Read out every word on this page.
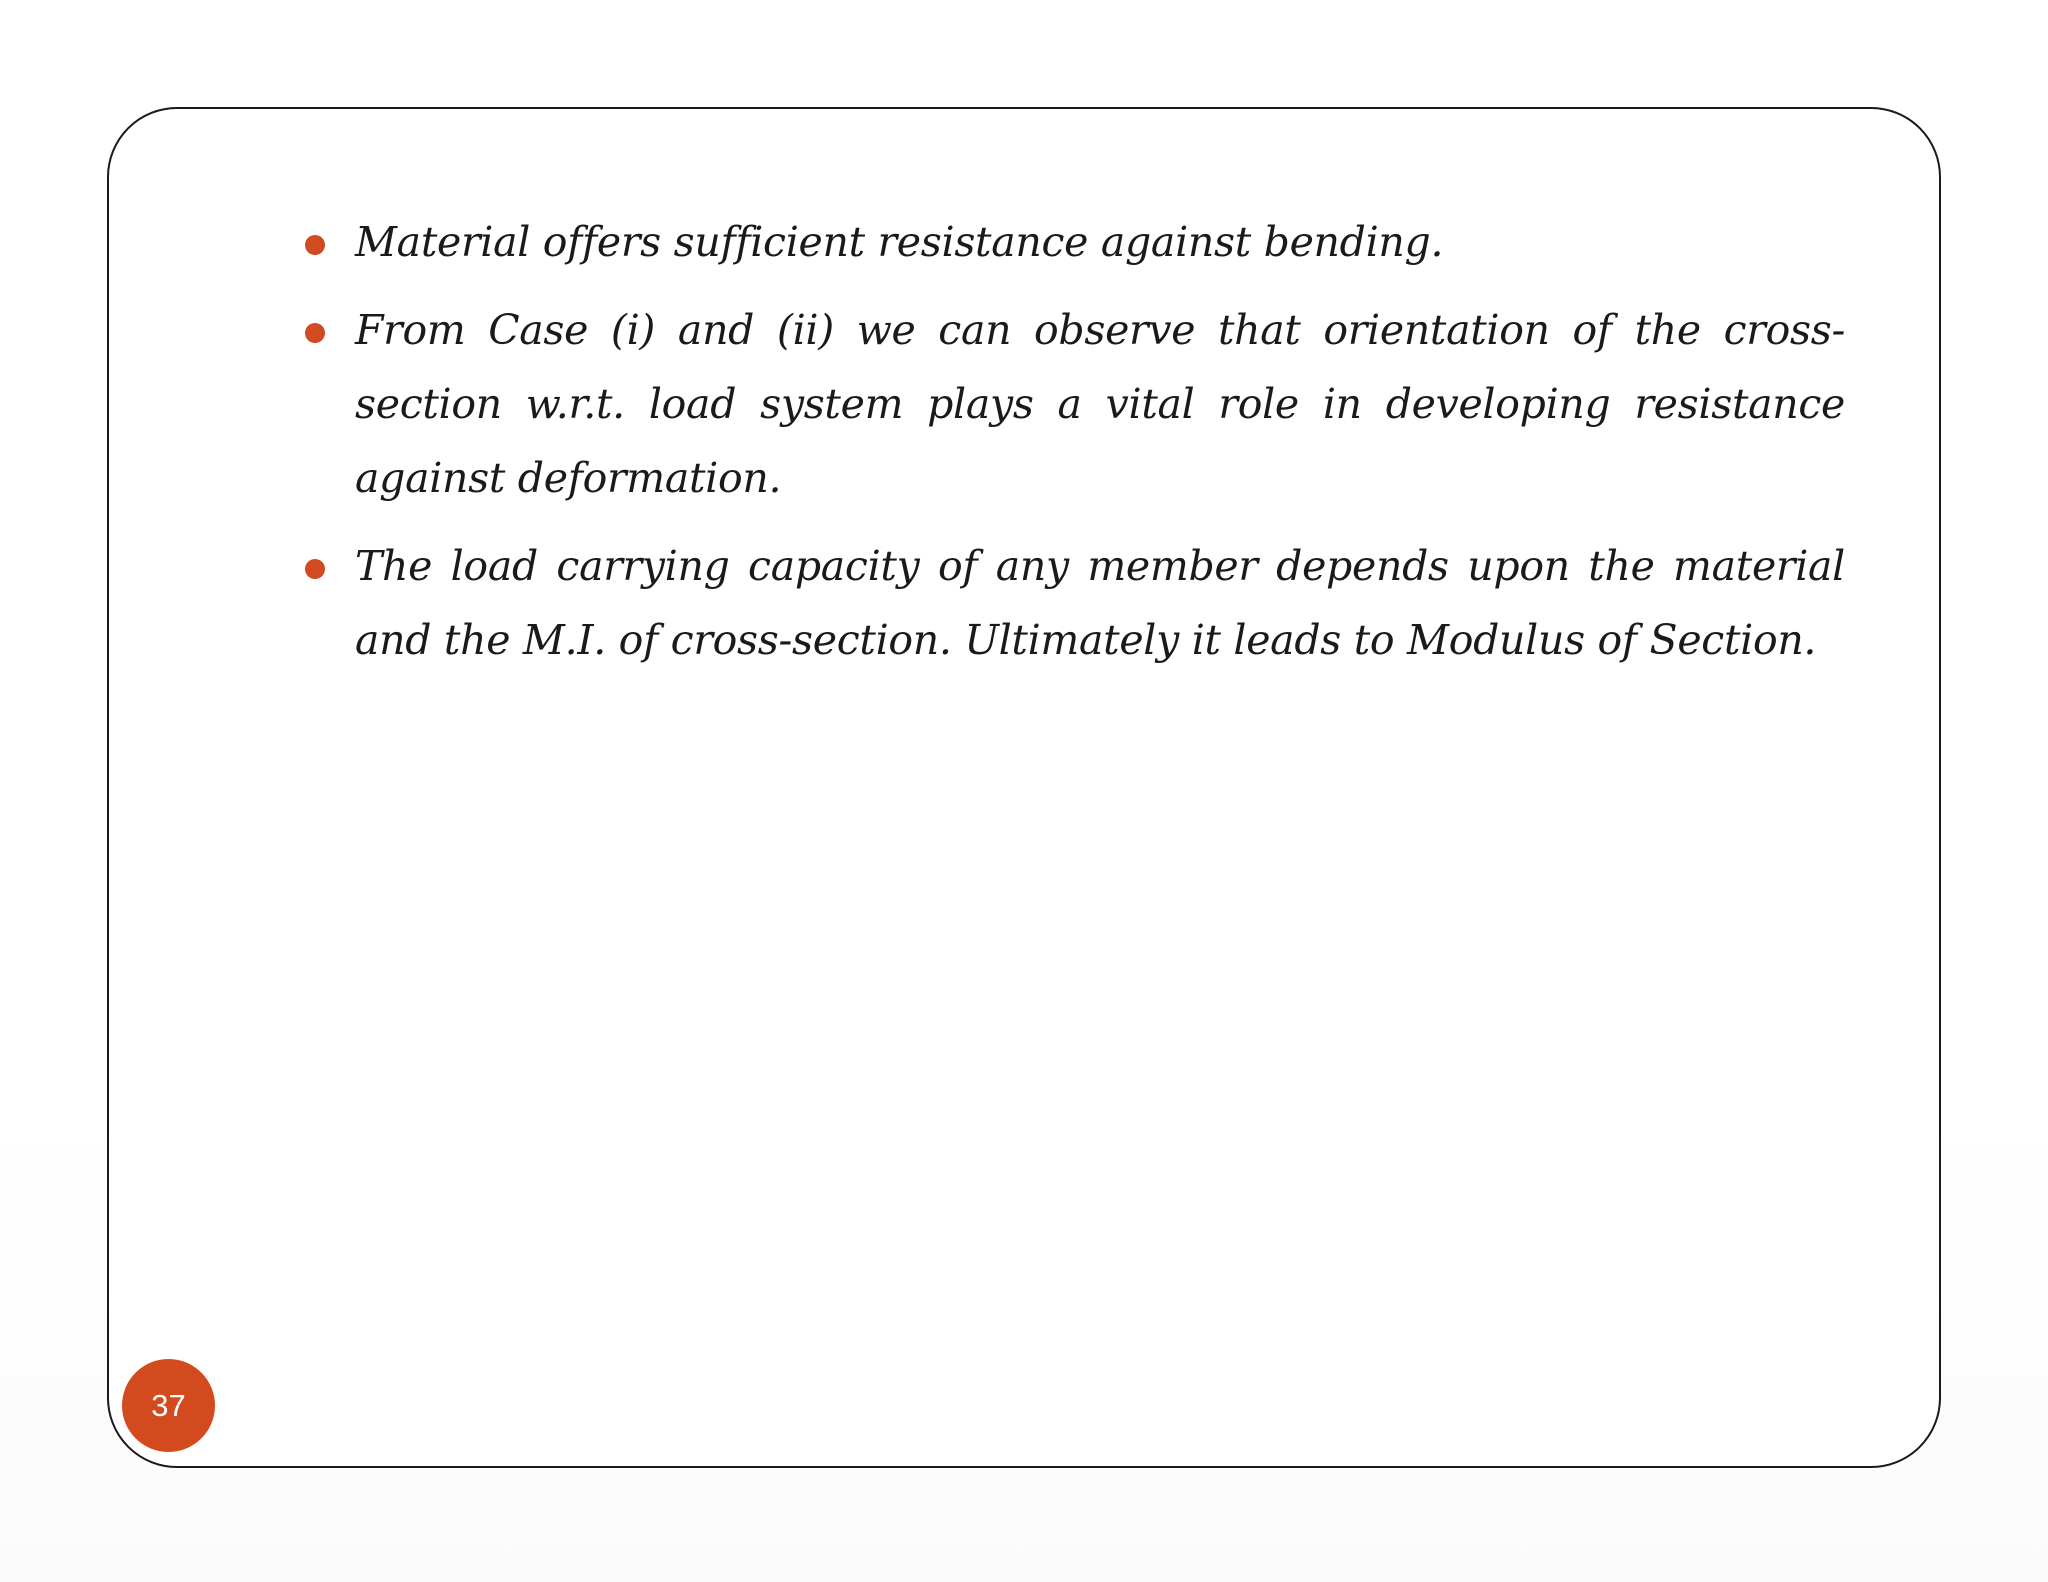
Material offers sufficient resistance against bending.
From Case (i) and (ii) we can observe that orientation of the cross-section w.r.t. load system plays a vital role in developing resistance against deformation.
The load carrying capacity of any member depends upon the material and the M.I. of cross-section. Ultimately it leads to Modulus of Section.
37
